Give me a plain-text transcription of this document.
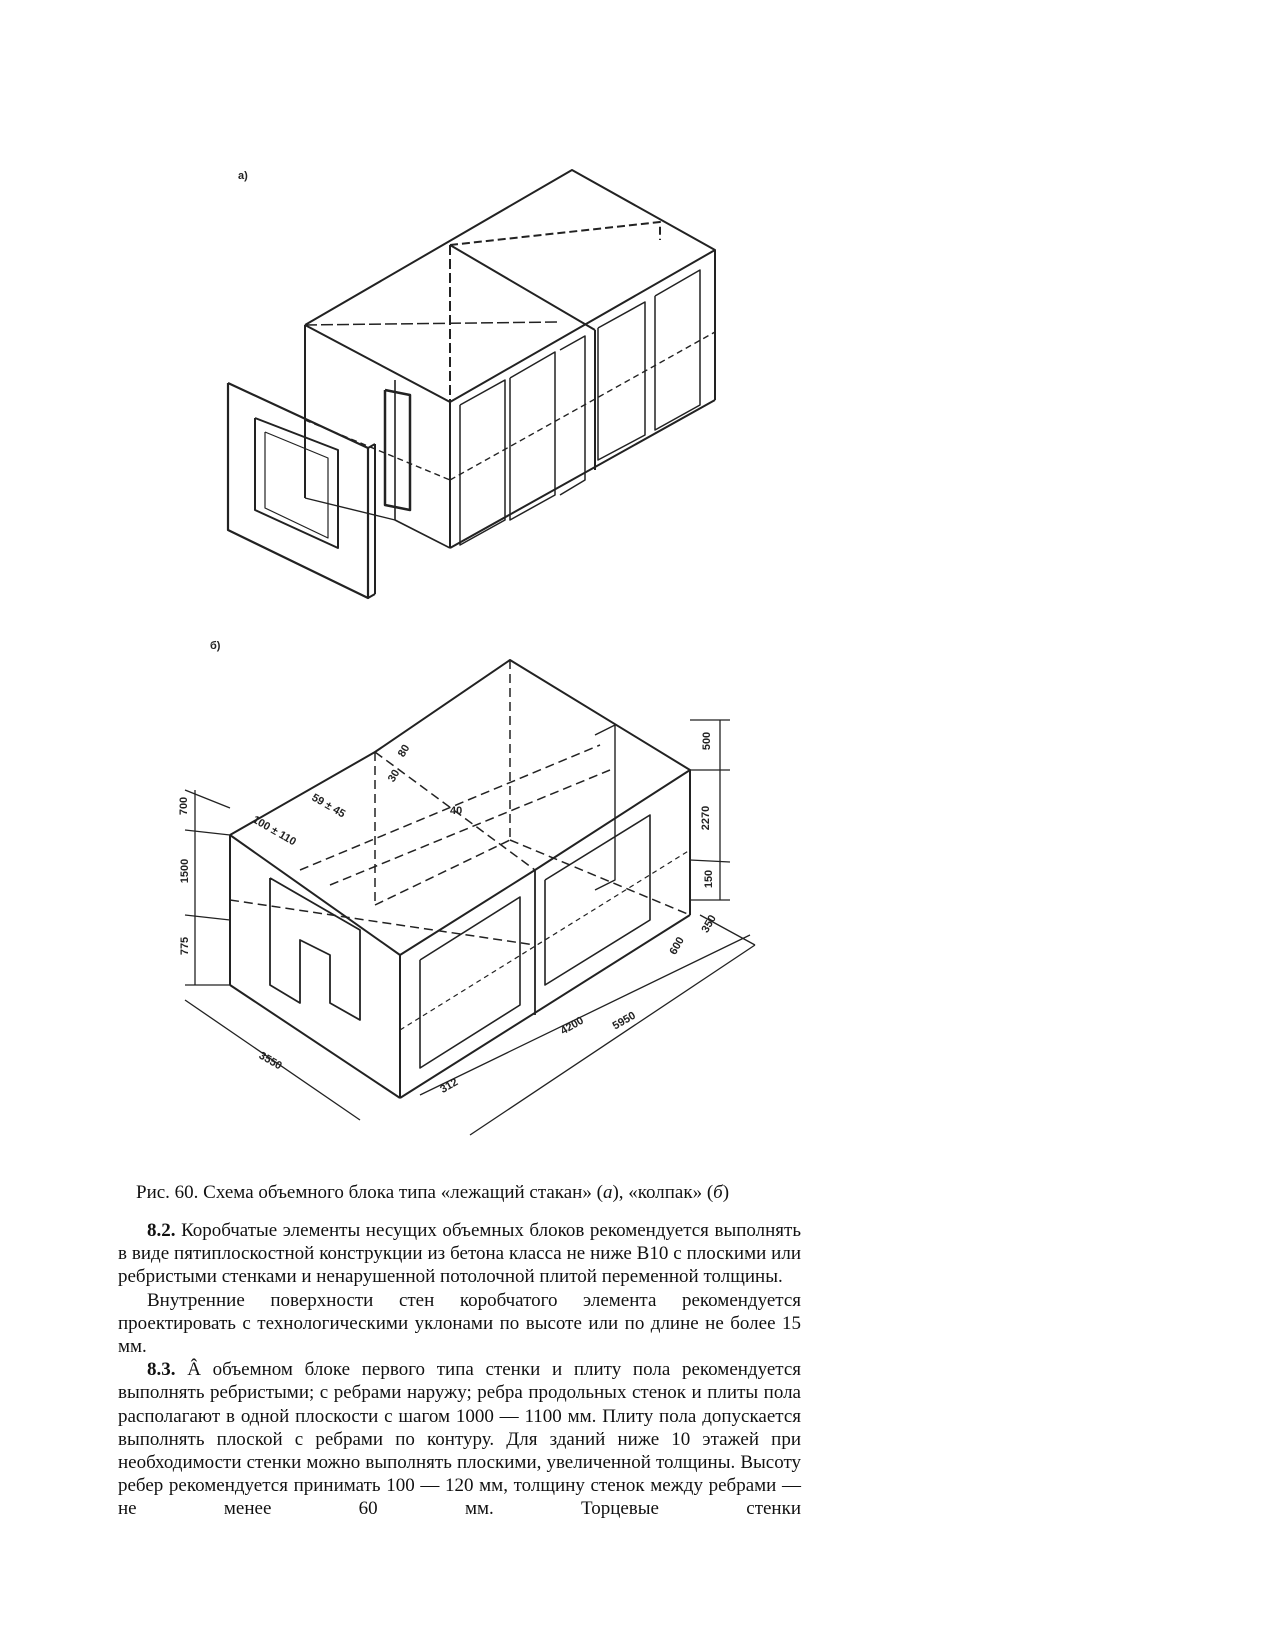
а)
б)
500
2270
150
350
600
4200 5950
3550
312
700
1500
775
59 ± 45
100 ± 110
80
40
30
Рис. 60. Схема объемного блока типа «лежащий стакан» (а), «колпак» (б)

8.2. Коробчатые элементы несущих объемных блоков рекомендуется выполнять в виде пятиплоскостной конструкции из бетона класса не ниже В10 с плоскими или ребристыми стенками и ненарушенной потолочной плитой переменной толщины.

Внутренние поверхности стен коробчатого элемента рекомендуется проектировать с технологическими уклонами по высоте или по длине не более 15 мм.

8.3. Â объемном блоке первого типа стенки и плиту пола рекомендуется выполнять ребристыми; с ребрами наружу; ребра продольных стенок и плиты пола располагают в одной плоскости с шагом 1000 — 1100 мм. Плиту пола допускается выполнять плоской с ребрами по контуру. Для зданий ниже 10 этажей при необходимости стенки можно выполнять плоскими, увеличенной толщины. Высоту ребер рекомендуется принимать 100 — 120 мм, толщину стенок между ребрами — не менее 60 мм. Торцевые стенки
